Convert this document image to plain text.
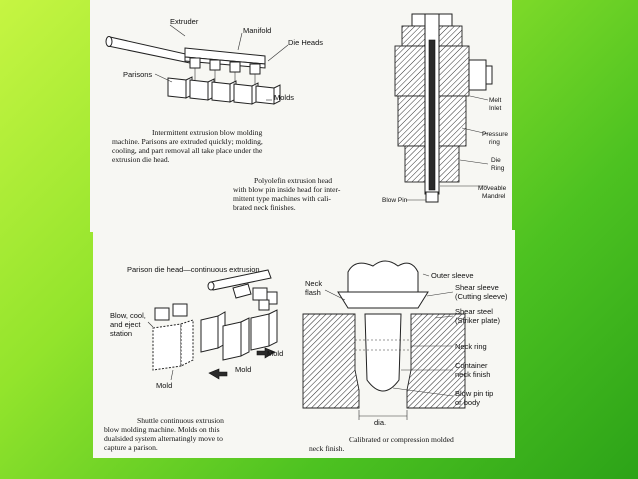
Extruder
Manifold
Die Heads
Parisons
Molds
Intermittent extrusion blow molding
machine. Parisons are extruded quickly; molding,
cooling, and part removal all take place under the
extrusion die head.
Melt
Inlet
Pressure
ring
Die
Ring
Moveable
Mandrel
Blow Pin
Polyolefin extrusion head
with blow pin inside head for inter-
mittent type machines with cali-
brated neck finishes.
Parison die head—continuous extrusion
Blow, cool,
and eject
station
Mold
Mold
Mold
Shuttle continuous extrusion
blow molding machine. Molds on this
dualsided system alternatingly move to
capture a parison.
Neck
flash
Outer sleeve
Shear sleeve
(Cutting sleeve)
Shear steel
(Striker plate)
Neck ring
Container
neck finish
Blow pin tip
or body
dia.
Calibrated or compression molded
neck finish.
